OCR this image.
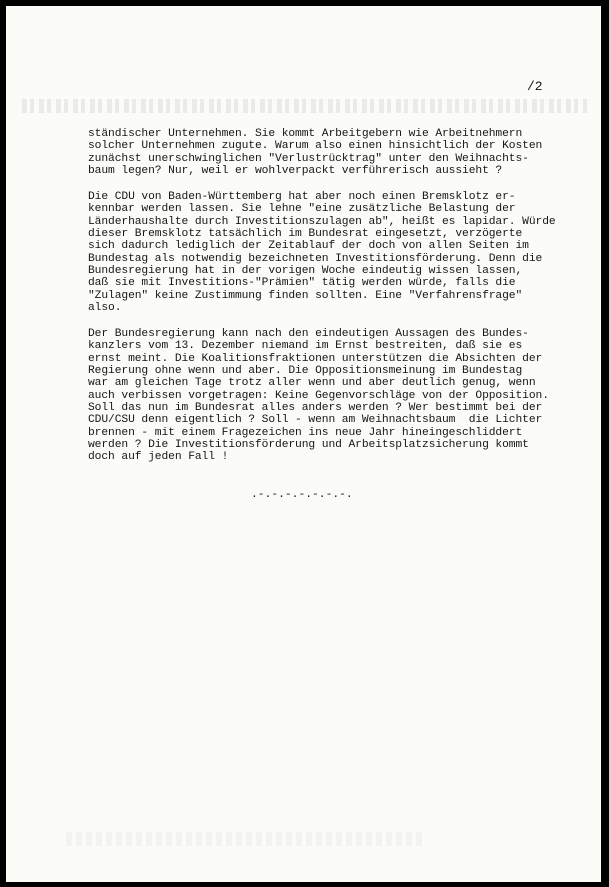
/2

ständischer Unternehmen. Sie kommt Arbeitgebern wie Arbeitnehmern
solcher Unternehmen zugute. Warum also einen hinsichtlich der Kosten
zunächst unerschwinglichen "Verlustrücktrag" unter den Weihnachts-
baum legen? Nur, weil er wohlverpackt verführerisch aussieht ?
Die CDU von Baden-Württemberg hat aber noch einen Bremsklotz er-
kennbar werden lassen. Sie lehne "eine zusätzliche Belastung der
Länderhaushalte durch Investitionszulagen ab", heißt es lapidar. Würde
dieser Bremsklotz tatsächlich im Bundesrat eingesetzt, verzögerte
sich dadurch lediglich der Zeitablauf der doch von allen Seiten im
Bundestag als notwendig bezeichneten Investitionsförderung. Denn die
Bundesregierung hat in der vorigen Woche eindeutig wissen lassen,
daß sie mit Investitions-"Prämien" tätig werden würde, falls die
"Zulagen" keine Zustimmung finden sollten. Eine "Verfahrensfrage"
also.
Der Bundesregierung kann nach den eindeutigen Aussagen des Bundes-
kanzlers vom 13. Dezember niemand im Ernst bestreiten, daß sie es
ernst meint. Die Koalitionsfraktionen unterstützen die Absichten der
Regierung ohne wenn und aber. Die Oppositionsmeinung im Bundestag
war am gleichen Tage trotz aller wenn und aber deutlich genug, wenn
auch verbissen vorgetragen: Keine Gegenvorschläge von der Opposition.
Soll das nun im Bundesrat alles anders werden ? Wer bestimmt bei der
CDU/CSU denn eigentlich ? Soll - wenn am Weihnachtsbaum  die Lichter
brennen - mit einem Fragezeichen ins neue Jahr hineingeschliddert
werden ? Die Investitionsförderung und Arbeitsplatzsicherung kommt
doch auf jeden Fall !

.-.-.-.-.-.-.-.
